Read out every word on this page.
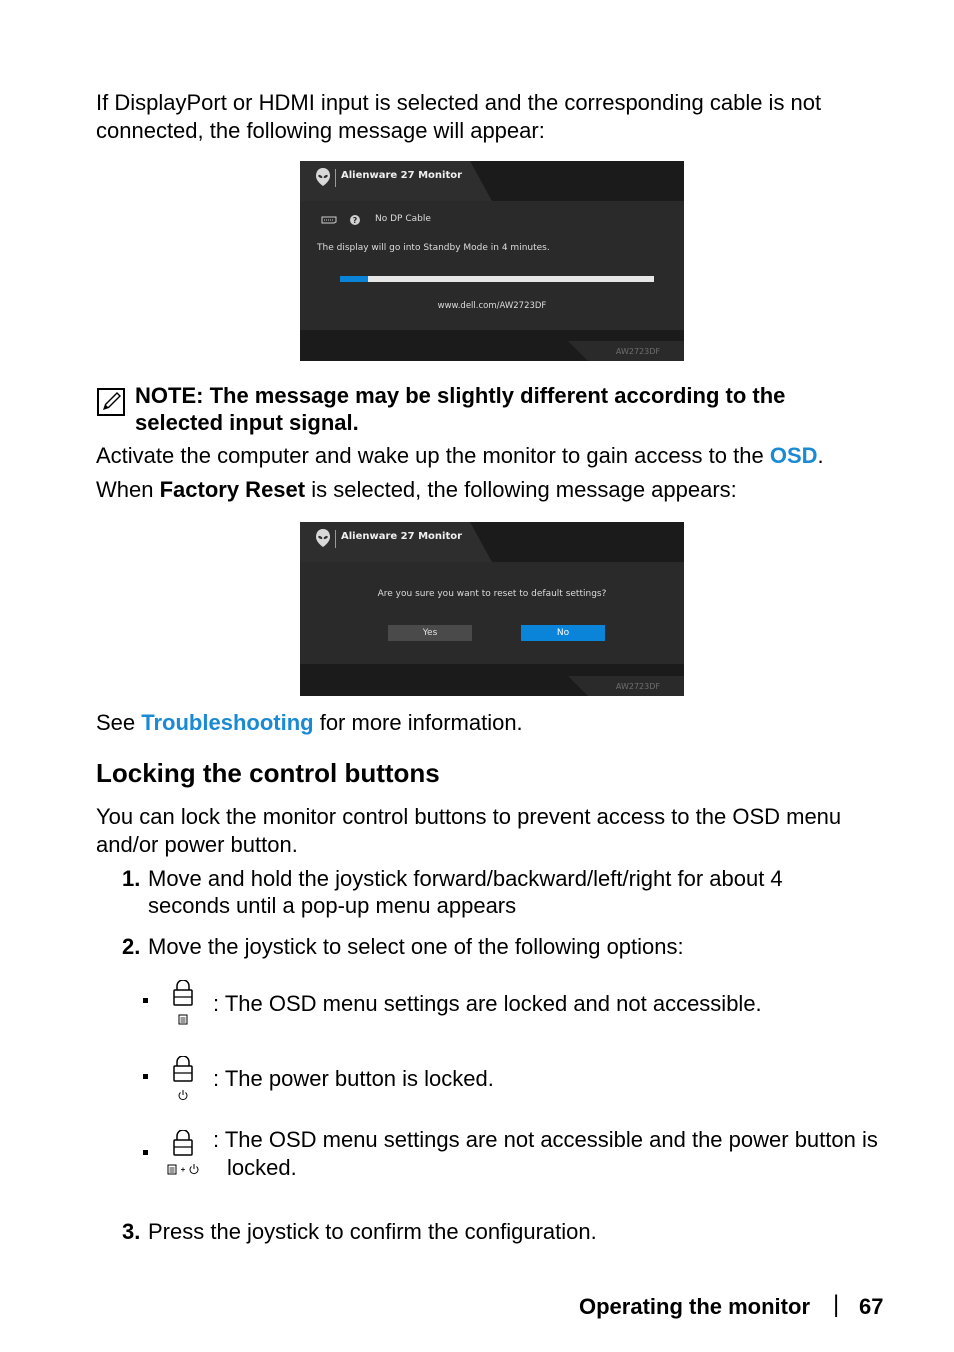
If DisplayPort or HDMI input is selected and the corresponding cable is not connected, the following message will appear:
Alienware 27 Monitor
? No DP Cable
The display will go into Standby Mode in 4 minutes.
www.dell.com/AW2723DF
AW2723DF
NOTE: The message may be slightly different according to the selected input signal.
Activate the computer and wake up the monitor to gain access to the OSD.
When Factory Reset is selected, the following message appears:
Alienware 27 Monitor
Are you sure you want to reset to default settings?
Yes	No
AW2723DF
See Troubleshooting for more information.
Locking the control buttons
You can lock the monitor control buttons to prevent access to the OSD menu and/or power button.
1. Move and hold the joystick forward/backward/left/right for about 4 seconds until a pop-up menu appears
2. Move the joystick to select one of the following options:
: The OSD menu settings are locked and not accessible.
: The power button is locked.
: The OSD menu settings are not accessible and the power button is locked.
3. Press the joystick to confirm the configuration.
Operating the monitor | 67
